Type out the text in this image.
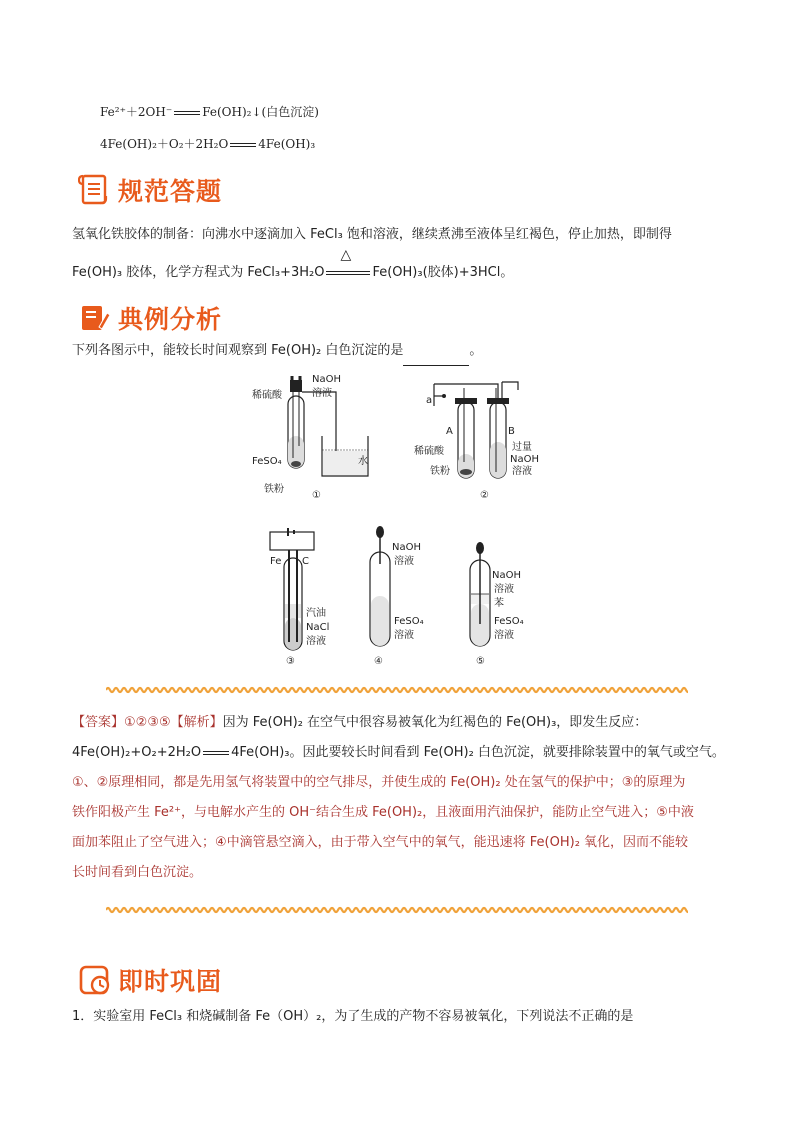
Fe²⁺＋2OH⁻	Fe(OH)₂↓(白色沉淀)
4Fe(OH)₂＋O₂＋2H₂O	4Fe(OH)₃
规范答题
氢氧化铁胶体的制备：向沸水中逐滴加入 FeCl₃ 饱和溶液，继续煮沸至液体呈红褐色，停止加热，即制得
Fe(OH)₃ 胶体，化学方程式为 FeCl₃+3H₂O
△
Fe(OH)₃(胶体)+3HCl。
典例分析
下列各图示中，能较长时间观察到 Fe(OH)₂ 白色沉淀的是	。
稀硫酸
NaOH
溶液
FeSO₄
铁粉
水
①
a
A	B
稀硫酸
铁粉
过量
NaOH
溶液
②
Fe C
汽油
NaCl
溶液
③
NaOH
溶液
FeSO₄
溶液
④
NaOH
溶液
苯
FeSO₄
溶液
⑤
【答案】①②③⑤【解析】因为 Fe(OH)₂ 在空气中很容易被氧化为红褐色的 Fe(OH)₃，即发生反应：
4Fe(OH)₂+O₂+2H₂O 4Fe(OH)₃。因此要较长时间看到 Fe(OH)₂ 白色沉淀，就要排除装置中的氧气或空气。
①、②原理相同，都是先用氢气将装置中的空气排尽，并使生成的 Fe(OH)₂ 处在氢气的保护中；③的原理为
铁作阳极产生 Fe²⁺，与电解水产生的 OH⁻结合生成 Fe(OH)₂，且液面用汽油保护，能防止空气进入；⑤中液
面加苯阻止了空气进入；④中滴管悬空滴入，由于带入空气中的氧气，能迅速将 Fe(OH)₂ 氧化，因而不能较
长时间看到白色沉淀。
即时巩固
1．实验室用 FeCl₃ 和烧碱制备 Fe（OH）₂，为了生成的产物不容易被氧化，下列说法不正确的是
